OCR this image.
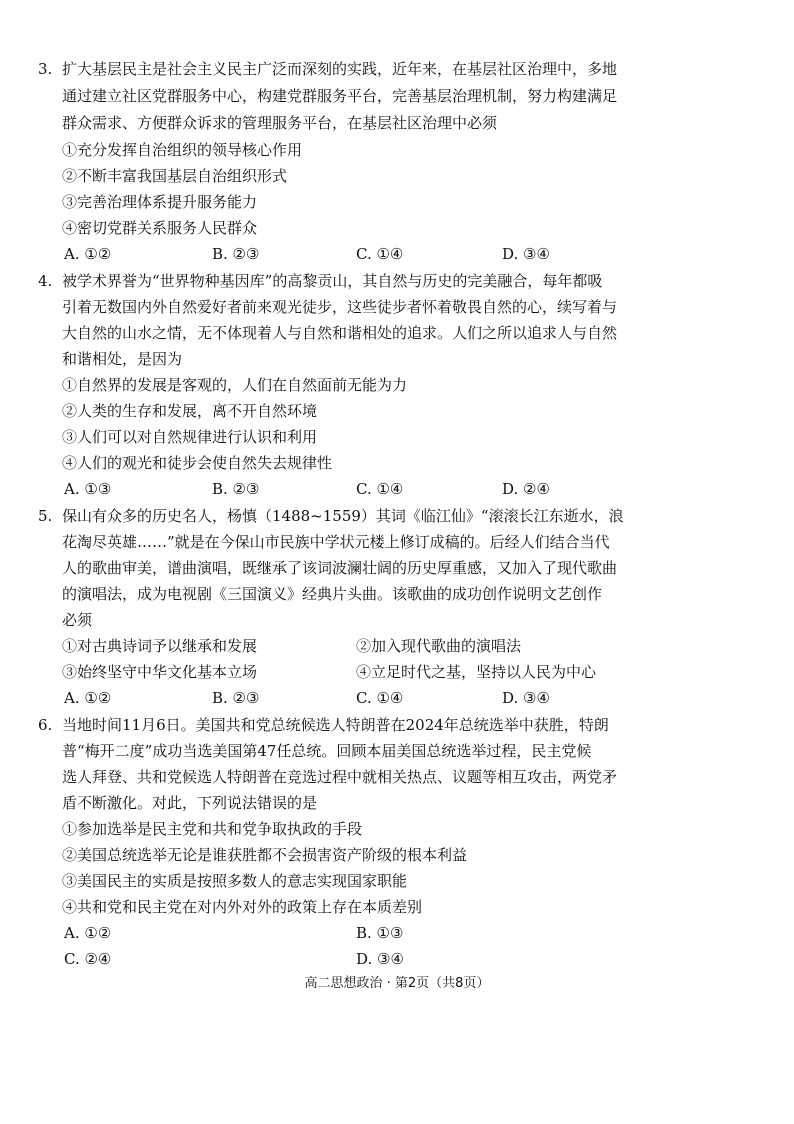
3. 扩大基层民主是社会主义民主广泛而深刻的实践，近年来，在基层社区治理中，多地
通过建立社区党群服务中心，构建党群服务平台，完善基层治理机制，努力构建满足
群众需求、方便群众诉求的管理服务平台，在基层社区治理中必须
①充分发挥自治组织的领导核心作用
②不断丰富我国基层自治组织形式
③完善治理体系提升服务能力
④密切党群关系服务人民群众
A. ①②	B. ②③	C. ①④	D. ③④
4. 被学术界誉为“世界物种基因库”的高黎贡山，其自然与历史的完美融合，每年都吸
引着无数国内外自然爱好者前来观光徒步，这些徒步者怀着敬畏自然的心，续写着与
大自然的山水之情，无不体现着人与自然和谐相处的追求。人们之所以追求人与自然
和谐相处，是因为
①自然界的发展是客观的，人们在自然面前无能为力
②人类的生存和发展，离不开自然环境
③人们可以对自然规律进行认识和利用
④人们的观光和徒步会使自然失去规律性
A. ①③	B. ②③	C. ①④	D. ②④
5. 保山有众多的历史名人，杨慎（1488~1559）其词《临江仙》“滚滚长江东逝水，浪
花淘尽英雄……”就是在今保山市民族中学状元楼上修订成稿的。后经人们结合当代
人的歌曲审美，谱曲演唱，既继承了该词波澜壮阔的历史厚重感，又加入了现代歌曲
的演唱法，成为电视剧《三国演义》经典片头曲。该歌曲的成功创作说明文艺创作
必须
①对古典诗词予以继承和发展	②加入现代歌曲的演唱法
③始终坚守中华文化基本立场	④立足时代之基，坚持以人民为中心
A. ①②	B. ②③	C. ①④	D. ③④
6. 当地时间11月6日。美国共和党总统候选人特朗普在2024年总统选举中获胜，特朗
普“梅开二度”成功当选美国第47任总统。回顾本届美国总统选举过程，民主党候
选人拜登、共和党候选人特朗普在竞选过程中就相关热点、议题等相互攻击，两党矛
盾不断激化。对此，下列说法错误的是
①参加选举是民主党和共和党争取执政的手段
②美国总统选举无论是谁获胜都不会损害资产阶级的根本利益
③美国民主的实质是按照多数人的意志实现国家职能
④共和党和民主党在对内外对外的政策上存在本质差别
A. ①②	B. ①③
C. ②④	D. ③④
高二思想政治 · 第2页（共8页）
